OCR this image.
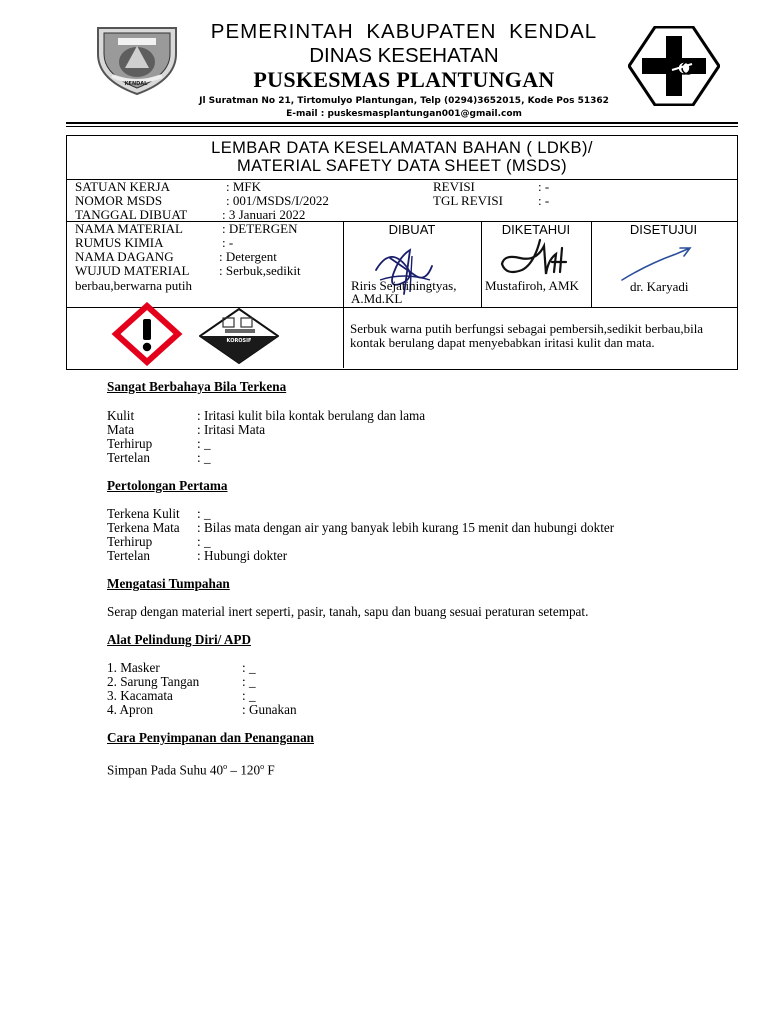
KENDAL
PEMERINTAH KABUPATEN KENDAL
DINAS KESEHATAN
PUSKESMAS PLANTUNGAN
Jl Suratman No 21, Tirtomulyo Plantungan, Telp (0294)3652015, Kode Pos 51362
E-mail : puskesmasplantungan001@gmail.com
LEMBAR DATA KESELAMATAN BAHAN ( LDKB)/
MATERIAL SAFETY DATA SHEET (MSDS)
SATUAN KERJA	: MFK	REVISI	: -
NOMOR MSDS	: 001/MSDS/I/2022	TGL REVISI	: -
TANGGAL DIBUAT	: 3 Januari 2022
NAMA MATERIAL	: DETERGEN
RUMUS KIMIA	: -
NAMA DAGANG	: Detergent
WUJUD MATERIAL : Serbuk,sedikit
berbau,berwarna putih
DIBUAT	DIKETAHUI	DISETUJUI
Riris Sejatiningtyas,
A.Md.KL
Mustafiroh, AMK	dr. Karyadi
KOROSIF
Serbuk warna putih berfungsi sebagai pembersih,sedikit berbau,bila kontak berulang dapat menyebabkan iritasi kulit dan mata.
Sangat Berbahaya Bila Terkena
Kulit	: Iritasi kulit bila kontak berulang dan lama
Mata	: Iritasi Mata
Terhirup	: _
Tertelan	: _
Pertolongan Pertama
Terkena Kulit : _
Terkena Mata : Bilas mata dengan air yang banyak lebih kurang 15 menit dan hubungi dokter
Terhirup	: _
Tertelan	: Hubungi dokter
Mengatasi Tumpahan
Serap dengan material inert seperti, pasir, tanah, sapu dan buang sesuai peraturan setempat.
Alat Pelindung Diri/ APD
1. Masker	: _
2. Sarung Tangan	: _
3. Kacamata	: _
4. Apron	: Gunakan
Cara Penyimpanan dan Penanganan
Simpan Pada Suhu 40$^o$ – 120$^o$ F
